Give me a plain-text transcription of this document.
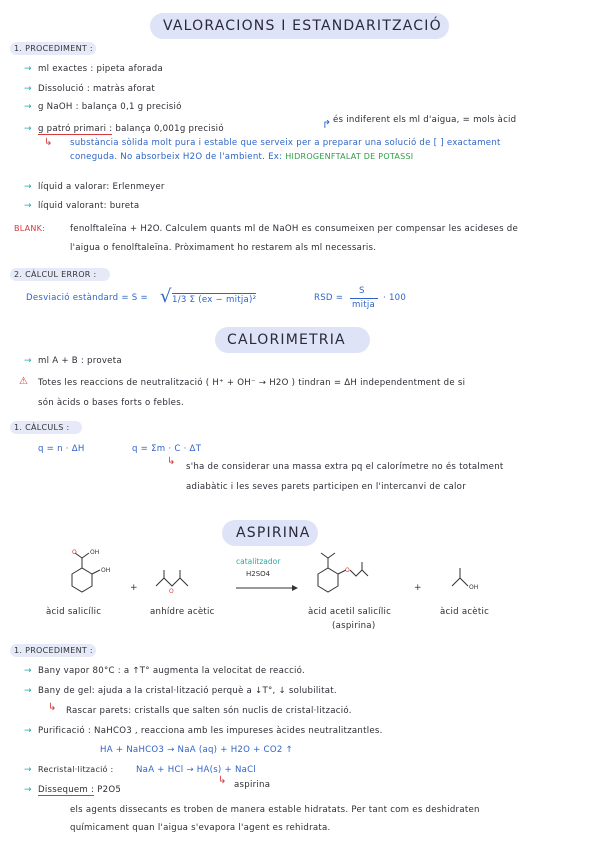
VALORACIONS I ESTANDARITZACIÓ
1. PROCEDIMENT :
→ ml exactes : pipeta aforada
→ Dissolució : matràs aforat
→ g NaOH : balança 0,1 g precisió
↱ és indiferent els ml d'aigua, = mols àcid
→ g patró primari : balança 0,001g precisió
↳ substància sòlida molt pura i estable que serveix per a preparar una solució de [ ] exactament
coneguda. No absorbeix H2O de l'ambient. Ex: HIDROGENFTALAT DE POTASSI
→ líquid a valorar: Erlenmeyer
→ líquid valorant: bureta
BLANK:	fenolftaleïna + H2O. Calculem quants ml de NaOH es consumeixen per compensar les acideses de
l'aigua o fenolftaleïna. Pròximament ho restarem als ml necessaris.
2. CÀLCUL ERROR :
Desviació estàndard = S = √ 1/3 Σ (ex − mitja)²	RSD =
S
mitja
· 100
CALORIMETRIA
→ ml A + B : proveta
⚠ Totes les reaccions de neutralització ( H⁺ + OH⁻ → H2O ) tindran = ΔH independentment de si
són àcids o bases forts o febles.
1. CÀLCULS :
q = n · ΔH	q = Σm · C · ΔT
↳ s'ha de considerar una massa extra pq el calorímetre no és totalment
adiabàtic i les seves parets participen en l'intercanvi de calor
ASPIRINA
OH
O OH
+	O
catalitzador
H2SO4	O
+	OH
àcid salicílic	anhídre acètic	àcid acetil salicílic
(aspirina)
àcid acètic
1. PROCEDIMENT :
→ Bany vapor 80°C : a ↑T° augmenta la velocitat de reacció.
→ Bany de gel: ajuda a la cristal·lització perquè a ↓T°, ↓ solubilitat.
↳ Rascar parets: cristalls que salten són nuclis de cristal·lització.
→ Purificació : NaHCO3 , reacciona amb les impureses àcides neutralitzantles.
HA + NaHCO3 → NaA (aq) + H2O + CO2 ↑
→ Recristal·lització :	NaA + HCl → HA(s) + NaCl
↳ aspirina
→ Dissequem : P2O5
els agents dissecants es troben de manera estable hidratats. Per tant com es deshidraten
químicament quan l'aigua s'evapora l'agent es rehidrata.
